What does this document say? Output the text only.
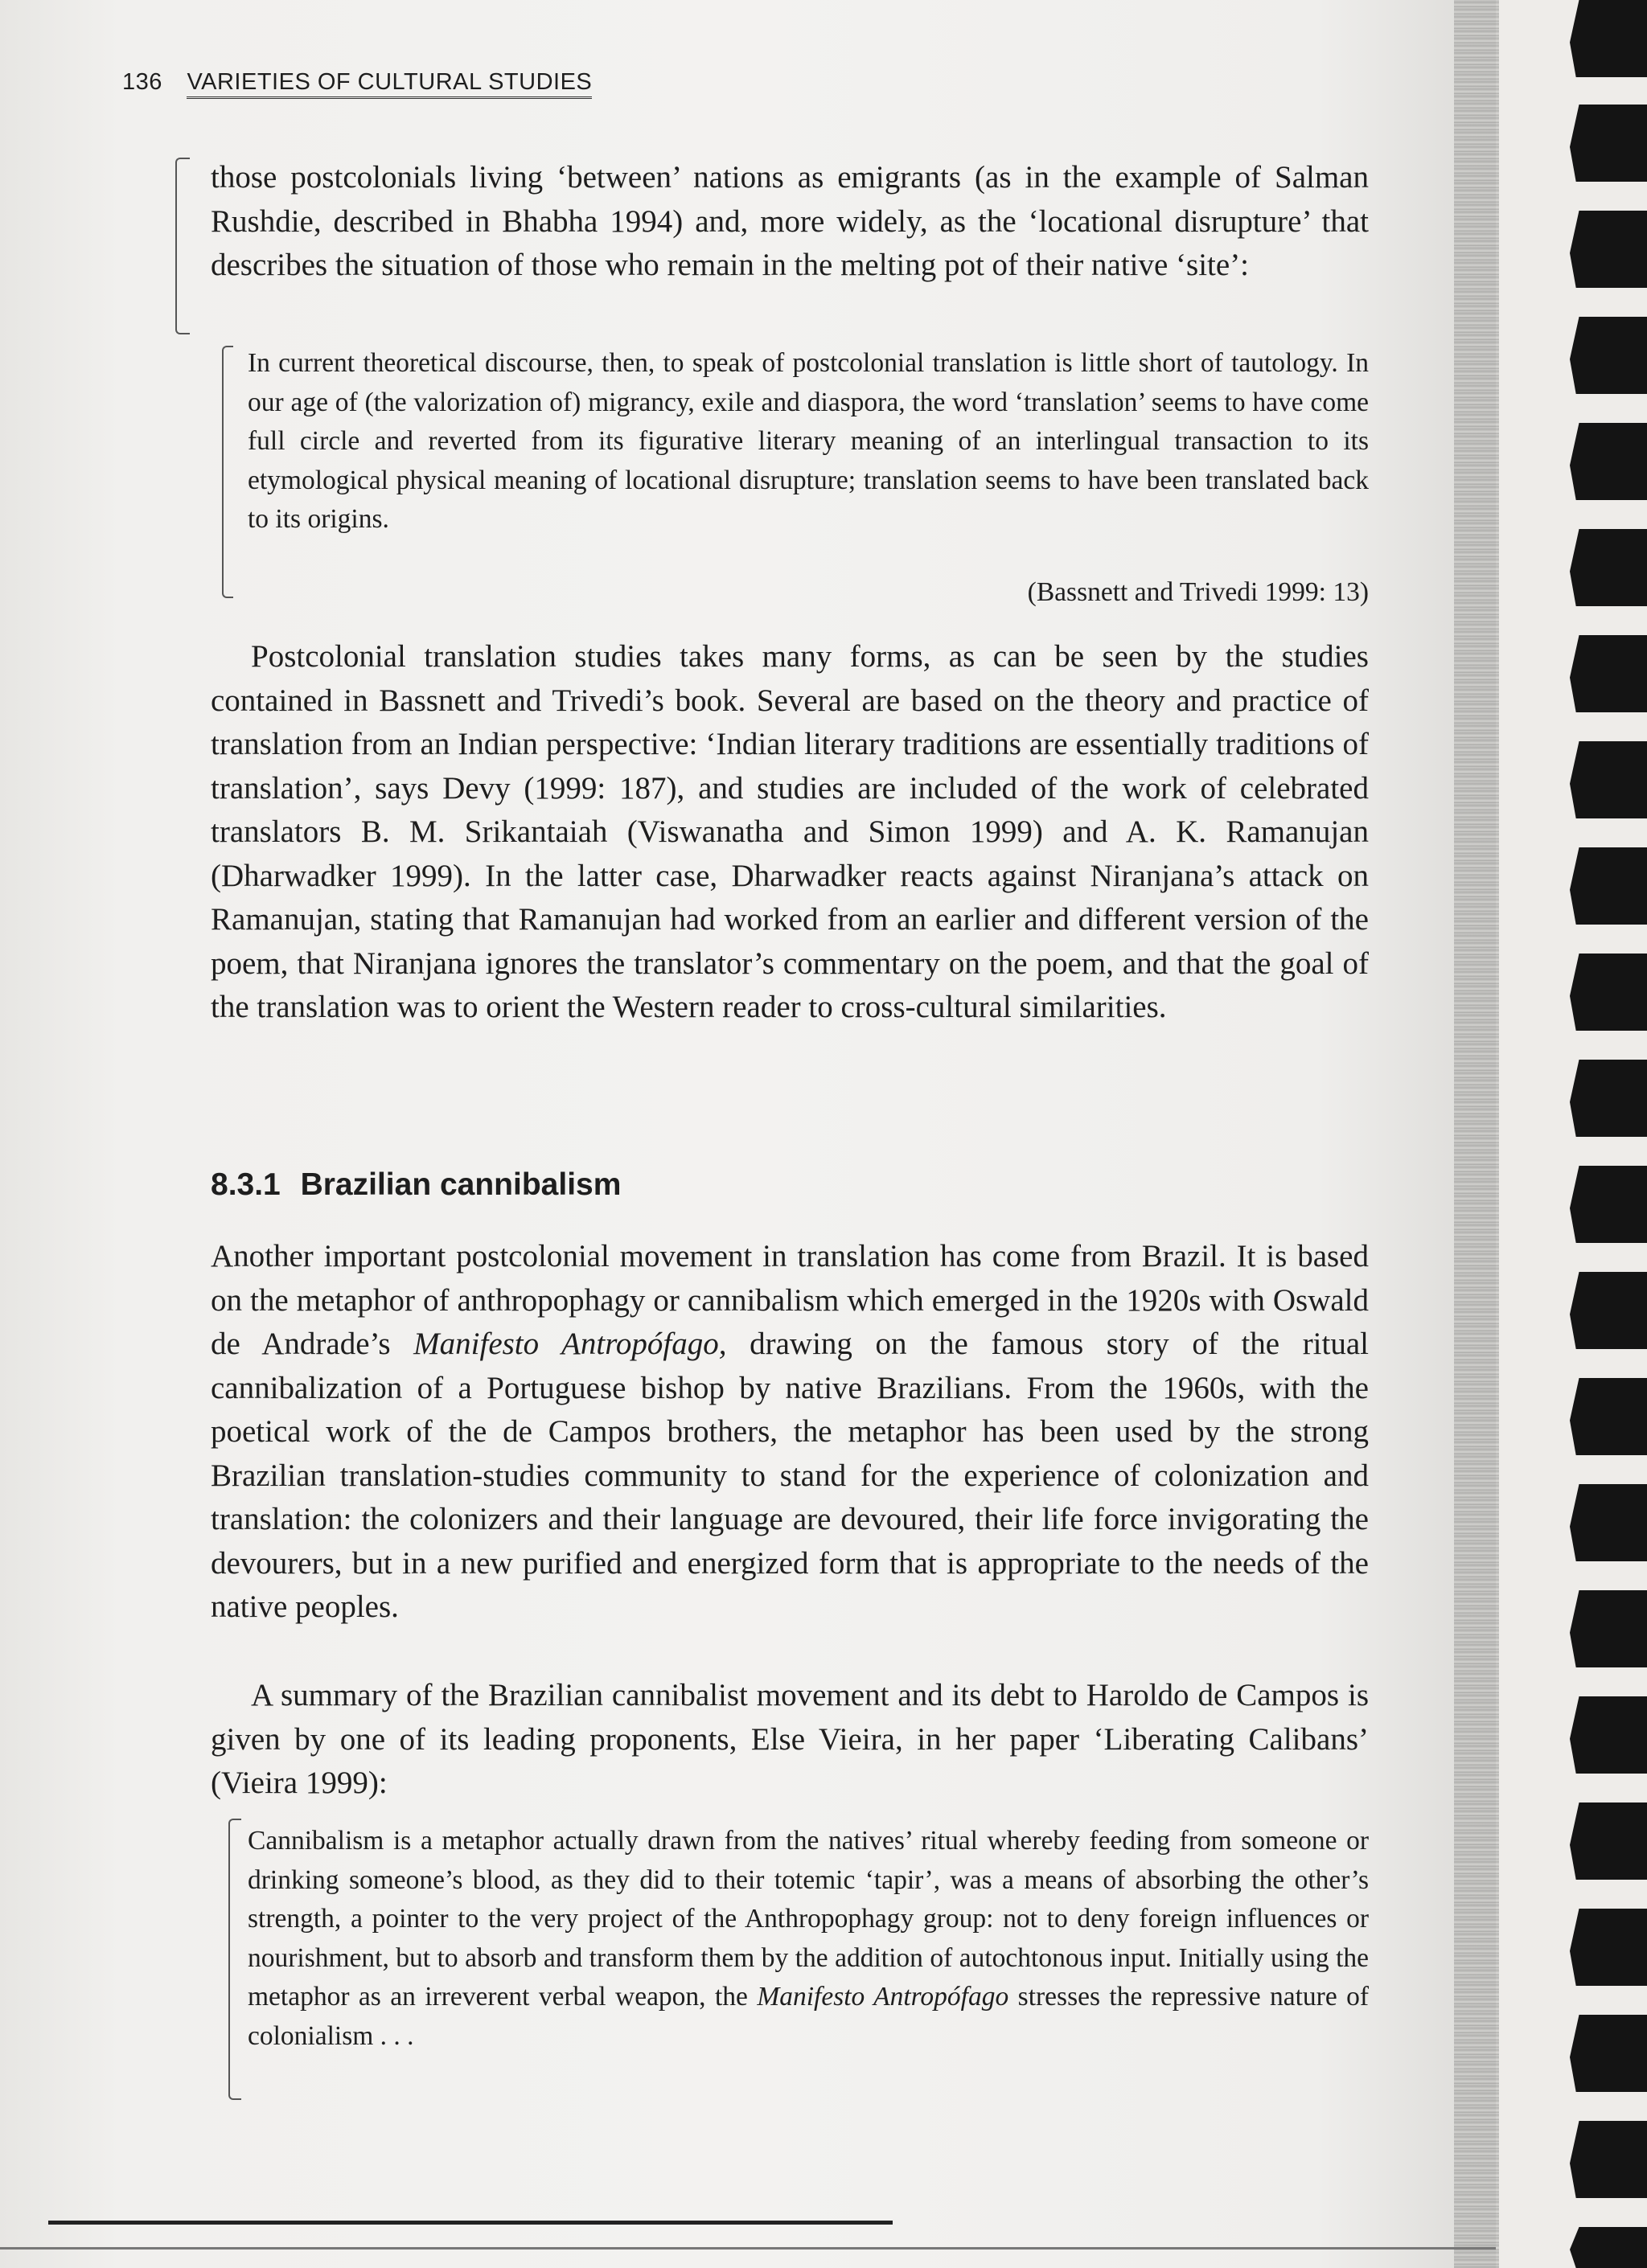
136 VARIETIES OF CULTURAL STUDIES

those postcolonials living ‘between’ nations as emigrants (as in the example of Salman Rushdie, described in Bhabha 1994) and, more widely, as the ‘locational disrupture’ that describes the situation of those who remain in the melting pot of their native ‘site’:

In current theoretical discourse, then, to speak of postcolonial translation is little short of tautology. In our age of (the valorization of) migrancy, exile and diaspora, the word ‘translation’ seems to have come full circle and reverted from its figurative literary meaning of an interlingual transaction to its etymological physical meaning of locational disrupture; translation seems to have been translated back to its origins.

(Bassnett and Trivedi 1999: 13)

Postcolonial translation studies takes many forms, as can be seen by the studies contained in Bassnett and Trivedi’s book. Several are based on the theory and practice of translation from an Indian perspective: ‘Indian literary traditions are essentially traditions of translation’, says Devy (1999: 187), and studies are included of the work of celebrated translators B. M. Srikantaiah (Viswanatha and Simon 1999) and A. K. Ramanujan (Dharwadker 1999). In the latter case, Dharwadker reacts against Niranjana’s attack on Ramanujan, stating that Ramanujan had worked from an earlier and different version of the poem, that Niranjana ignores the translator’s commentary on the poem, and that the goal of the translation was to orient the Western reader to cross-cultural similarities.

8.3.1 Brazilian cannibalism

Another important postcolonial movement in translation has come from Brazil. It is based on the metaphor of anthropophagy or cannibalism which emerged in the 1920s with Oswald de Andrade’s Manifesto Antropófago, drawing on the famous story of the ritual cannibalization of a Portuguese bishop by native Brazilians. From the 1960s, with the poetical work of the de Campos brothers, the metaphor has been used by the strong Brazilian translation-studies community to stand for the experience of colonization and translation: the colonizers and their language are devoured, their life force invigorating the devourers, but in a new purified and energized form that is appropriate to the needs of the native peoples.

A summary of the Brazilian cannibalist movement and its debt to Haroldo de Campos is given by one of its leading proponents, Else Vieira, in her paper ‘Liberating Calibans’ (Vieira 1999):

Cannibalism is a metaphor actually drawn from the natives’ ritual whereby feeding from someone or drinking someone’s blood, as they did to their totemic ‘tapir’, was a means of absorbing the other’s strength, a pointer to the very project of the Anthropophagy group: not to deny foreign influences or nourishment, but to absorb and transform them by the addition of autochtonous input. Initially using the metaphor as an irreverent verbal weapon, the Manifesto Antropófago stresses the repressive nature of colonialism . . .
